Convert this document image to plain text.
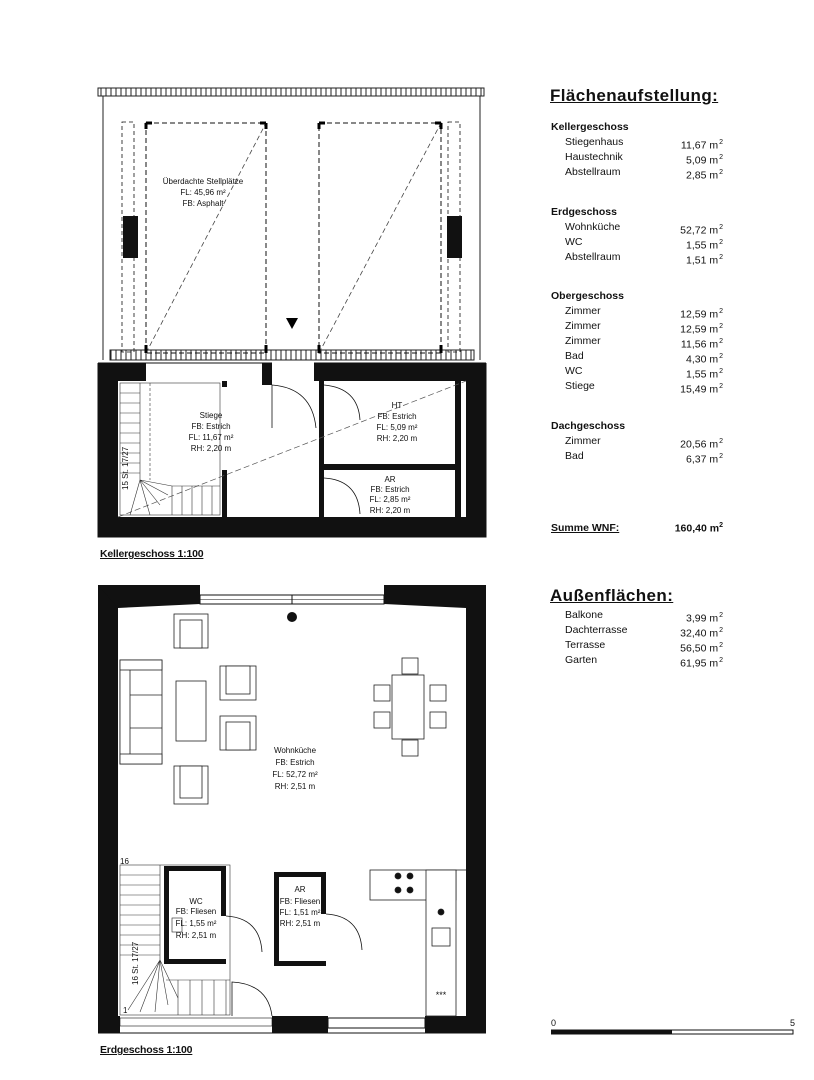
Überdachte Stellplätze
FL: 45,96 m²
FB: Asphalt
15 St. 17/27
Stiege
FB: Estrich
FL: 11,67 m²
RH: 2,20 m
HT
FB: Estrich
FL: 5,09 m²
RH: 2,20 m
AR
FB: Estrich
FL: 2,85 m²
RH: 2,20 m
***
16
1
16 St. 17/27
WC
FB: Fliesen
FL: 1,55 m²
RH: 2,51 m
AR
FB: Fliesen
FL: 1,51 m²
RH: 2,51 m
Wohnküche
FB: Estrich
FL: 52,72 m²
RH: 2,51 m
Kellergeschoss 1:100
Erdgeschoss 1:100
Flächenaufstellung:
Kellergeschoss
Stiegenhaus	11,67 $m^2$
Haustechnik	5,09 $m^2$
Abstellraum	2,85 $m^2$
Erdgeschoss
Wohnküche	52,72 $m^2$
WC	1,55 $m^2$
Abstellraum	1,51 $m^2$
Obergeschoss
Zimmer	12,59 $m^2$
Zimmer	12,59 $m^2$
Zimmer	11,56 $m^2$
Bad	4,30 $m^2$
WC	1,55 $m^2$
Stiege	15,49 $m^2$
Dachgeschoss
Zimmer	20,56 $m^2$
Bad	6,37 $m^2$
Summe WNF:	160,40 $m^2$
Außenflächen:
Balkone	3,99 $m^2$
Dachterrasse	32,40 $m^2$
Terrasse	56,50 $m^2$
Garten	61,95 $m^2$
0	5
